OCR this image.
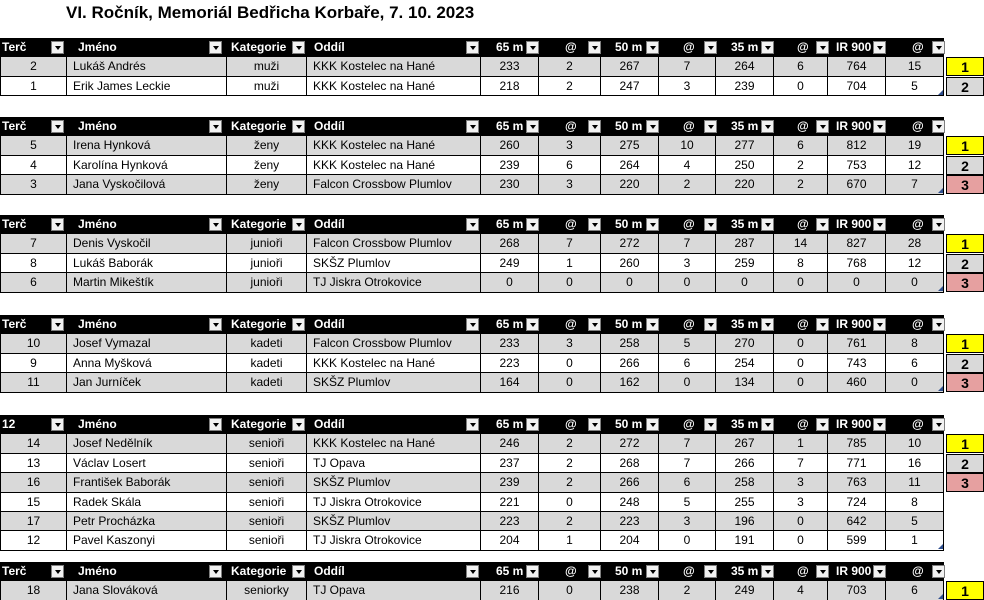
VI. Ročník, Memoriál Bedřicha Korbaře, 7. 10. 2023
Terč	Jméno	Kategorie	Oddíl	65 m	@	50 m	@	35 m	@	IR 900	@
2	Lukáš Andrés	muži	KKK Kostelec na Hané	233	2	267	7	264	6	764	15	1
1	Erik James Leckie	muži	KKK Kostelec na Hané	218	2	247	3	239	0	704	5	2
Terč	Jméno	Kategorie	Oddíl	65 m	@	50 m	@	35 m	@	IR 900	@
5	Irena Hynková	ženy	KKK Kostelec na Hané	260	3	275	10	277	6	812	19	1
4	Karolína Hynková	ženy	KKK Kostelec na Hané	239	6	264	4	250	2	753	12	2
3	Jana Vyskočilová	ženy	Falcon Crossbow Plumlov	230	3	220	2	220	2	670	7	3
Terč	Jméno	Kategorie	Oddíl	65 m	@	50 m	@	35 m	@	IR 900	@
7	Denis Vyskočil	junioři	Falcon Crossbow Plumlov	268	7	272	7	287	14	827	28	1
8	Lukáš Baborák	junioři	SKŠZ Plumlov	249	1	260	3	259	8	768	12	2
6	Martin Mikeštík	junioři	TJ Jiskra Otrokovice	0	0	0	0	0	0	0	0	3
Terč	Jméno	Kategorie	Oddíl	65 m	@	50 m	@	35 m	@	IR 900	@
10	Josef Vymazal	kadeti	Falcon Crossbow Plumlov	233	3	258	5	270	0	761	8	1
9	Anna Myšková	kadeti	KKK Kostelec na Hané	223	0	266	6	254	0	743	6	2
11	Jan Jurníček	kadeti	SKŠZ Plumlov	164	0	162	0	134	0	460	0	3
12	Jméno	Kategorie	Oddíl	65 m	@	50 m	@	35 m	@	IR 900	@
14	Josef Nedělník	senioři	KKK Kostelec na Hané	246	2	272	7	267	1	785	10	1
13	Václav Losert	senioři	TJ Opava	237	2	268	7	266	7	771	16	2
16	František Baborák	senioři	SKŠZ Plumlov	239	2	266	6	258	3	763	11	3
15	Radek Skála	senioři	TJ Jiskra Otrokovice	221	0	248	5	255	3	724	8
17	Petr Procházka	senioři	SKŠZ Plumlov	223	2	223	3	196	0	642	5
12	Pavel Kaszonyi	senioři	TJ Jiskra Otrokovice	204	1	204	0	191	0	599	1
Terč	Jméno	Kategorie	Oddíl	65 m	@	50 m	@	35 m	@	IR 900	@
18	Jana Slováková	seniorky	TJ Opava	216	0	238	2	249	4	703	6	1
